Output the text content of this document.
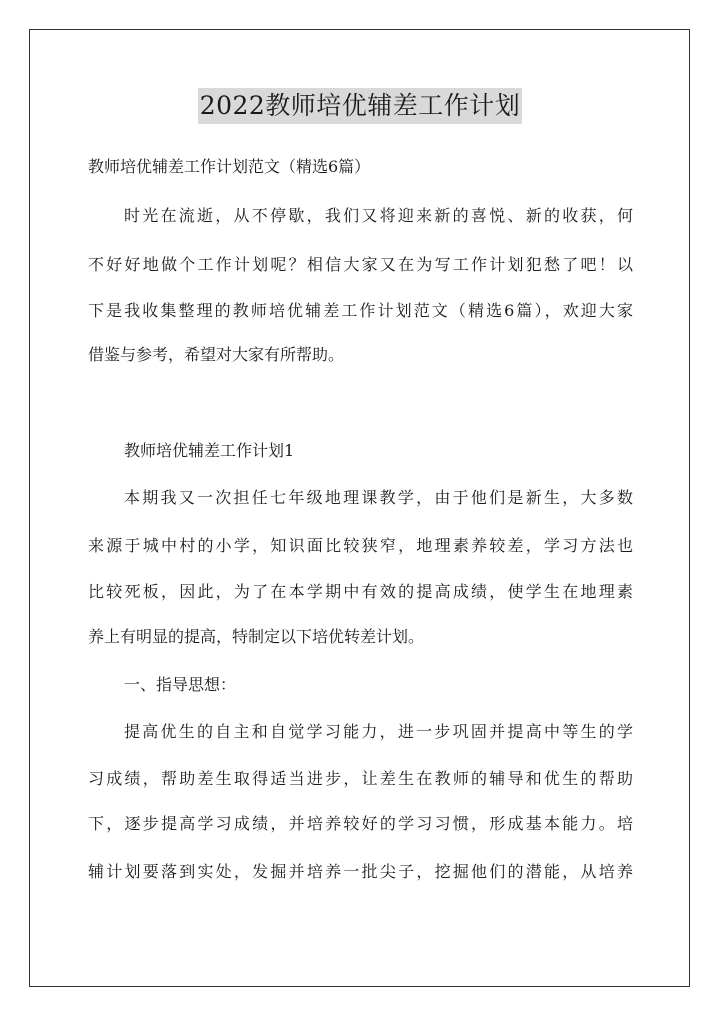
2022教师培优辅差工作计划
教师培优辅差工作计划范文（精选6篇）
时光在流逝，从不停歇，我们又将迎来新的喜悦、新的收获，何
不好好地做个工作计划呢？相信大家又在为写工作计划犯愁了吧！以
下是我收集整理的教师培优辅差工作计划范文（精选6篇），欢迎大家
借鉴与参考，希望对大家有所帮助。
教师培优辅差工作计划1
本期我又一次担任七年级地理课教学，由于他们是新生，大多数
来源于城中村的小学，知识面比较狭窄，地理素养较差，学习方法也
比较死板，因此，为了在本学期中有效的提高成绩，使学生在地理素
养上有明显的提高，特制定以下培优转差计划。
一、指导思想：
提高优生的自主和自觉学习能力，进一步巩固并提高中等生的学
习成绩，帮助差生取得适当进步，让差生在教师的辅导和优生的帮助
下，逐步提高学习成绩，并培养较好的学习习惯，形成基本能力。培
辅计划要落到实处，发掘并培养一批尖子，挖掘他们的潜能，从培养
